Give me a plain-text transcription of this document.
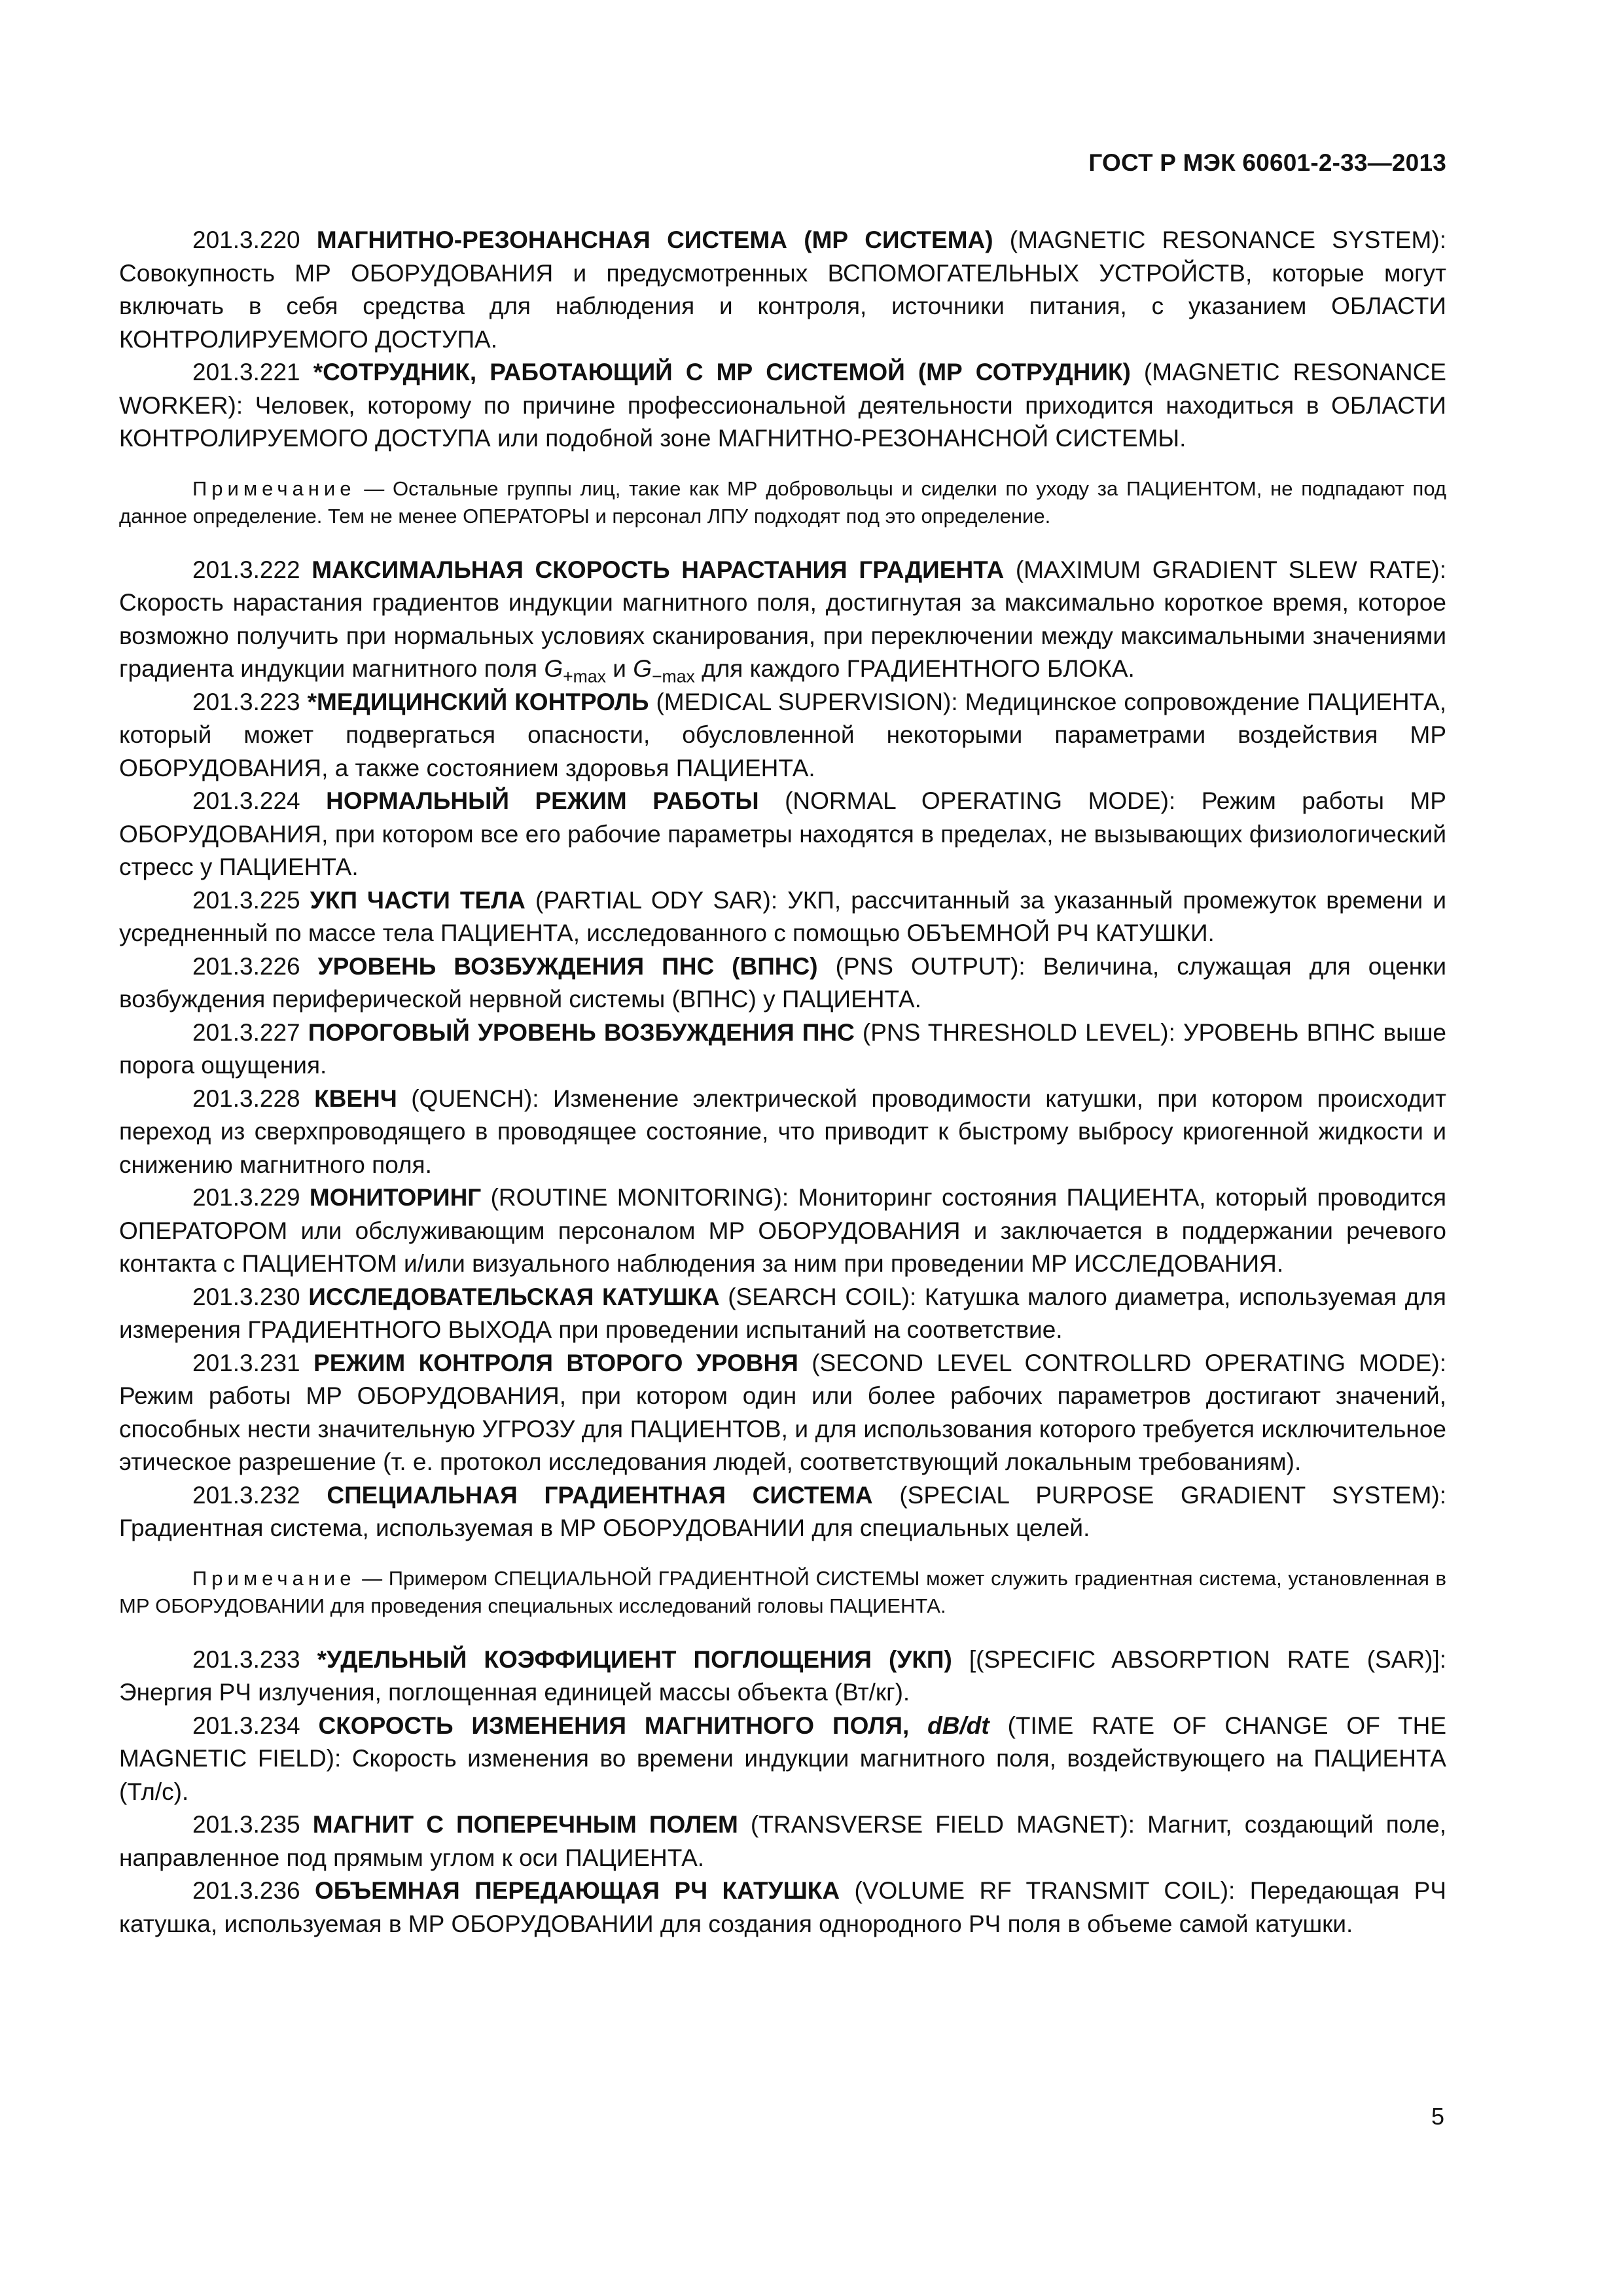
ГОСТ Р МЭК 60601-2-33—2013

201.3.220 МАГНИТНО-РЕЗОНАНСНАЯ СИСТЕМА (МР СИСТЕМА) (MAGNETIC RESONANCE SYSTEM): Совокупность МР ОБОРУДОВАНИЯ и предусмотренных ВСПОМОГАТЕЛЬНЫХ УСТРОЙСТВ, которые могут включать в себя средства для наблюдения и контроля, источники питания, с указанием ОБЛАСТИ КОНТРОЛИРУЕМОГО ДОСТУПА.

201.3.221 *СОТРУДНИК, РАБОТАЮЩИЙ С МР СИСТЕМОЙ (МР СОТРУДНИК) (MAGNETIC RESONANCE WORKER): Человек, которому по причине профессиональной деятельности приходится находиться в ОБЛАСТИ КОНТРОЛИРУЕМОГО ДОСТУПА или подобной зоне МАГНИТНО-РЕЗОНАНСНОЙ СИСТЕМЫ.

Примечание — Остальные группы лиц, такие как МР добровольцы и сиделки по уходу за ПАЦИЕНТОМ, не подпадают под данное определение. Тем не менее ОПЕРАТОРЫ и персонал ЛПУ подходят под это определение.

201.3.222 МАКСИМАЛЬНАЯ СКОРОСТЬ НАРАСТАНИЯ ГРАДИЕНТА (MAXIMUM GRADIENT SLEW RATE): Скорость нарастания градиентов индукции магнитного поля, достигнутая за максимально короткое время, которое возможно получить при нормальных условиях сканирования, при переключении между максимальными значениями градиента индукции магнитного поля $G_{+max}$ и $G_{-max}$ для каждого ГРАДИЕНТНОГО БЛОКА.

201.3.223 *МЕДИЦИНСКИЙ КОНТРОЛЬ (MEDICAL SUPERVISION): Медицинское сопровождение ПАЦИЕНТА, который может подвергаться опасности, обусловленной некоторыми параметрами воздействия МР ОБОРУДОВАНИЯ, а также состоянием здоровья ПАЦИЕНТА.

201.3.224 НОРМАЛЬНЫЙ РЕЖИМ РАБОТЫ (NORMAL OPERATING MODE): Режим работы МР ОБОРУДОВАНИЯ, при котором все его рабочие параметры находятся в пределах, не вызывающих физиологический стресс у ПАЦИЕНТА.

201.3.225 УКП ЧАСТИ ТЕЛА (PARTIAL ODY SAR): УКП, рассчитанный за указанный промежуток времени и усредненный по массе тела ПАЦИЕНТА, исследованного с помощью ОБЪЕМНОЙ РЧ КАТУШКИ.

201.3.226 УРОВЕНЬ ВОЗБУЖДЕНИЯ ПНС (ВПНС) (PNS OUTPUT): Величина, служащая для оценки возбуждения периферической нервной системы (ВПНС) у ПАЦИЕНТА.

201.3.227 ПОРОГОВЫЙ УРОВЕНЬ ВОЗБУЖДЕНИЯ ПНС (PNS THRESHOLD LEVEL): УРОВЕНЬ ВПНС выше порога ощущения.

201.3.228 КВЕНЧ (QUENCH): Изменение электрической проводимости катушки, при котором происходит переход из сверхпроводящего в проводящее состояние, что приводит к быстрому выбросу криогенной жидкости и снижению магнитного поля.

201.3.229 МОНИТОРИНГ (ROUTINE MONITORING): Мониторинг состояния ПАЦИЕНТА, который проводится ОПЕРАТОРОМ или обслуживающим персоналом МР ОБОРУДОВАНИЯ и заключается в поддержании речевого контакта с ПАЦИЕНТОМ и/или визуального наблюдения за ним при проведении МР ИССЛЕДОВАНИЯ.

201.3.230 ИССЛЕДОВАТЕЛЬСКАЯ КАТУШКА (SEARCH COIL): Катушка малого диаметра, используемая для измерения ГРАДИЕНТНОГО ВЫХОДА при проведении испытаний на соответствие.

201.3.231 РЕЖИМ КОНТРОЛЯ ВТОРОГО УРОВНЯ (SECOND LEVEL CONTROLLRD OPERATING MODE): Режим работы МР ОБОРУДОВАНИЯ, при котором один или более рабочих параметров достигают значений, способных нести значительную УГРОЗУ для ПАЦИЕНТОВ, и для использования которого требуется исключительное этическое разрешение (т. е. протокол исследования людей, соответствующий локальным требованиям).

201.3.232 СПЕЦИАЛЬНАЯ ГРАДИЕНТНАЯ СИСТЕМА (SPECIAL PURPOSE GRADIENT SYSTEM): Градиентная система, используемая в МР ОБОРУДОВАНИИ для специальных целей.

Примечание — Примером СПЕЦИАЛЬНОЙ ГРАДИЕНТНОЙ СИСТЕМЫ может служить градиентная система, установленная в МР ОБОРУДОВАНИИ для проведения специальных исследований головы ПАЦИЕНТА.

201.3.233 *УДЕЛЬНЫЙ КОЭФФИЦИЕНТ ПОГЛОЩЕНИЯ (УКП) [(SPECIFIC ABSORPTION RATE (SAR)]: Энергия РЧ излучения, поглощенная единицей массы объекта (Вт/кг).

201.3.234 СКОРОСТЬ ИЗМЕНЕНИЯ МАГНИТНОГО ПОЛЯ, dB/dt (TIME RATE OF CHANGE OF THE MAGNETIC FIELD): Скорость изменения во времени индукции магнитного поля, воздействующего на ПАЦИЕНТА (Тл/с).

201.3.235 МАГНИТ С ПОПЕРЕЧНЫМ ПОЛЕМ (TRANSVERSE FIELD MAGNET): Магнит, создающий поле, направленное под прямым углом к оси ПАЦИЕНТА.

201.3.236 ОБЪЕМНАЯ ПЕРЕДАЮЩАЯ РЧ КАТУШКА (VOLUME RF TRANSMIT COIL): Передающая РЧ катушка, используемая в МР ОБОРУДОВАНИИ для создания однородного РЧ поля в объеме самой катушки.

5
